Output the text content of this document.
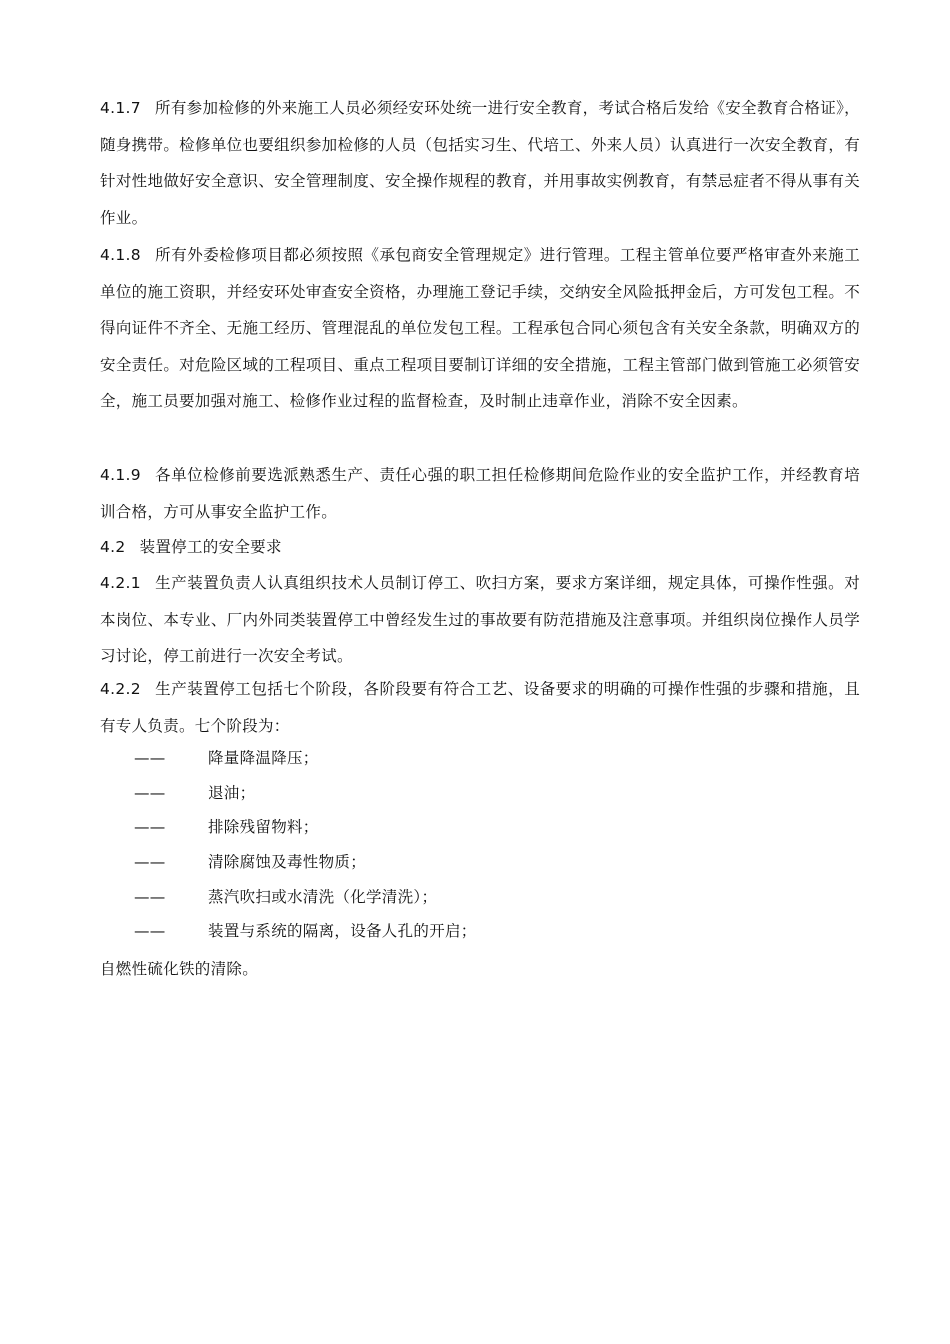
4.1.7 所有参加检修的外来施工人员必须经安环处统一进行安全教育，考试合格后发给《安全教育合格证》，随身携带。检修单位也要组织参加检修的人员（包括实习生、代培工、外来人员）认真进行一次安全教育，有针对性地做好安全意识、安全管理制度、安全操作规程的教育，并用事故实例教育，有禁忌症者不得从事有关作业。

4.1.8 所有外委检修项目都必须按照《承包商安全管理规定》进行管理。工程主管单位要严格审查外来施工单位的施工资职，并经安环处审查安全资格，办理施工登记手续，交纳安全风险抵押金后，方可发包工程。不得向证件不齐全、无施工经历、管理混乱的单位发包工程。工程承包合同心须包含有关安全条款，明确双方的安全责任。对危险区域的工程项目、重点工程项目要制订详细的安全措施，工程主管部门做到管施工必须管安全，施工员要加强对施工、检修作业过程的监督检查，及时制止违章作业，消除不安全因素。

4.1.9 各单位检修前要选派熟悉生产、责任心强的职工担任检修期间危险作业的安全监护工作，并经教育培训合格，方可从事安全监护工作。

4.2 装置停工的安全要求

4.2.1 生产装置负责人认真组织技术人员制订停工、吹扫方案，要求方案详细，规定具体，可操作性强。对本岗位、本专业、厂内外同类装置停工中曾经发生过的事故要有防范措施及注意事项。并组织岗位操作人员学习讨论，停工前进行一次安全考试。

4.2.2 生产装置停工包括七个阶段，各阶段要有符合工艺、设备要求的明确的可操作性强的步骤和措施，且有专人负责。七个阶段为：

——	降量降温降压；
——	退油；
——	排除残留物料；
——	清除腐蚀及毒性物质；
——	蒸汽吹扫或水清洗（化学清洗）；
——	装置与系统的隔离，设备人孔的开启；

自燃性硫化铁的清除。
